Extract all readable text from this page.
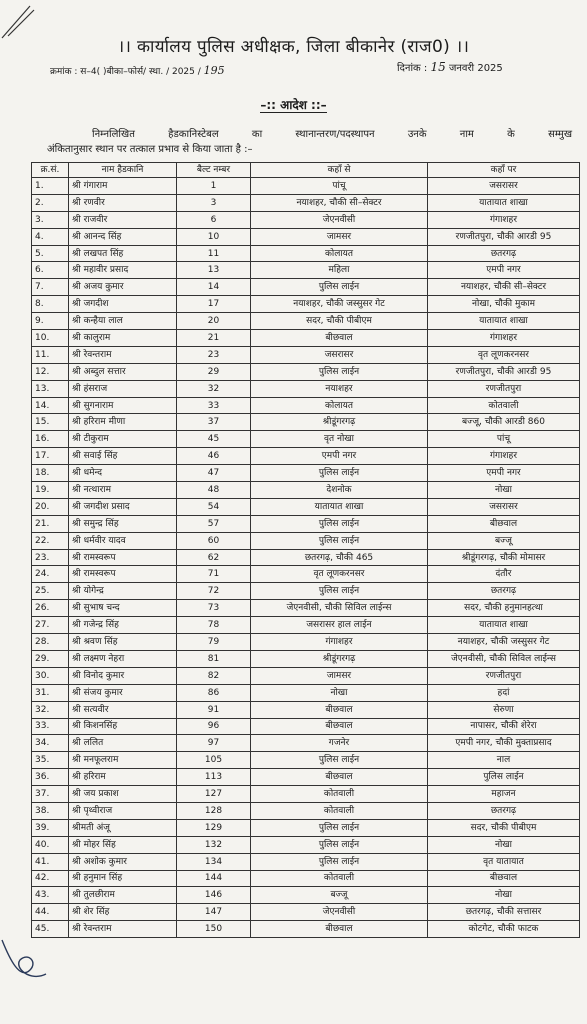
।। कार्यालय पुलिस अधीक्षक, जिला बीकानेर (राज0) ।।
क्रमांक : स–4( )बीका–फोर्स/ स्था. / 2025 / 195	दिनांक : 15 जनवरी 2025
–:: आदेश ::–
निम्नलिखित हैडकानिस्टेबल का स्थानान्तरण/पदस्थापन उनके नाम के सम्मुख
अंकितानुसार स्थान पर तत्काल प्रभाव से किया जाता है :–
क्र.सं.	नाम हैडकानि	बैल्ट नम्बर	कहाँ से	कहाँ पर
1.	श्री गंगाराम	1	पांचू	जसरासर
2.	श्री रणवीर	3	नयाशहर, चौकी सी–सेक्टर	यातायात शाखा
3.	श्री राजवीर	6	जेएनवीसी	गंगाशहर
4.	श्री आनन्द सिंह	10	जामसर	रणजीतपुरा, चौकी आरडी 95
5.	श्री लखपत सिंह	11	कोलायत	छतरगढ़
6.	श्री महावीर प्रसाद	13	महिला	एमपी नगर
7.	श्री अजय कुमार	14	पुलिस लाईन	नयाशहर, चौकी सी–सेक्टर
8.	श्री जगदीश	17	नयाशहर, चौकी जस्सुसर गेट	नोखा, चौकी मुकाम
9.	श्री कन्हैया लाल	20	सदर, चौकी पीबीएम	यातायात शाखा
10.	श्री कालुराम	21	बीछवाल	गंगाशहर
11.	श्री रेवन्तराम	23	जसरासर	वृत लूणकरनसर
12.	श्री अब्दुल सत्तार	29	पुलिस लाईन	रणजीतपुरा, चौकी आरडी 95
13.	श्री हंसराज	32	नयाशहर	रणजीतपुरा
14.	श्री सुगनाराम	33	कोलायत	कोतवाली
15.	श्री हरिराम मीणा	37	श्रीडूंगरगढ़	बज्जू, चौकी आरडी 860
16.	श्री टीकुराम	45	वृत नोखा	पांचू
17.	श्री सवाई सिंह	46	एमपी नगर	गंगाशहर
18.	श्री धमेन्द	47	पुलिस लाईन	एमपी नगर
19.	श्री नत्थाराम	48	देशनोक	नोखा
20.	श्री जगदीश प्रसाद	54	यातायात शाखा	जसरासर
21.	श्री समुन्द्र सिंह	57	पुलिस लाईन	बीछवाल
22.	श्री धर्मवीर यादव	60	पुलिस लाईन	बज्जू
23.	श्री रामस्वरूप	62	छतरगढ़, चौकी 465	श्रीडूंगरगढ़, चौकी मोमासर
24.	श्री रामस्वरूप	71	वृत लूणकरनसर	दंतौर
25.	श्री योगेन्द्र	72	पुलिस लाईन	छतरगढ़
26.	श्री सुभाष चन्द	73	जेएनवीसी, चौकी सिविल लाईन्स	सदर, चौकी हनुमानहत्था
27.	श्री गजेन्द्र सिंह	78	जसरासर हाल लाईन	यातायात शाखा
28.	श्री श्रवण सिंह	79	गंगाशहर	नयाशहर, चौकी जस्सुसर गेट
29.	श्री लक्ष्मण नेहरा	81	श्रीडूंगरगढ़	जेएनवीसी, चौकी सिविल लाईन्स
30.	श्री विनोद कुमार	82	जामसर	रणजीतपुरा
31.	श्री संजय कुमार	86	नोखा	हदां
32.	श्री सत्यवीर	91	बीछवाल	सेरुणा
33.	श्री किशनसिंह	96	बीछवाल	नापासर, चौकी शेरेरा
34.	श्री ललित	97	गजनेर	एमपी नगर, चौकी मुक्ताप्रसाद
35.	श्री मनफूलराम	105	पुलिस लाईन	नाल
36.	श्री हरिराम	113	बीछवाल	पुलिस लाईन
37.	श्री जय प्रकाश	127	कोतवाली	महाजन
38.	श्री पृथ्वीराज	128	कोतवाली	छतरगढ़
39.	श्रीमती अंजू	129	पुलिस लाईन	सदर, चौकी पीबीएम
40.	श्री मोहर सिंह	132	पुलिस लाईन	नोखा
41.	श्री अशोक कुमार	134	पुलिस लाईन	वृत यातायात
42.	श्री हनुमान सिंह	144	कोतवाली	बीछवाल
43.	श्री तुलछीराम	146	बज्जू	नोखा
44.	श्री शेर सिंह	147	जेएनवीसी	छतरगढ़, चौकी सत्तासर
45.	श्री रेवन्तराम	150	बीछवाल	कोटगेट, चौकी फाटक
